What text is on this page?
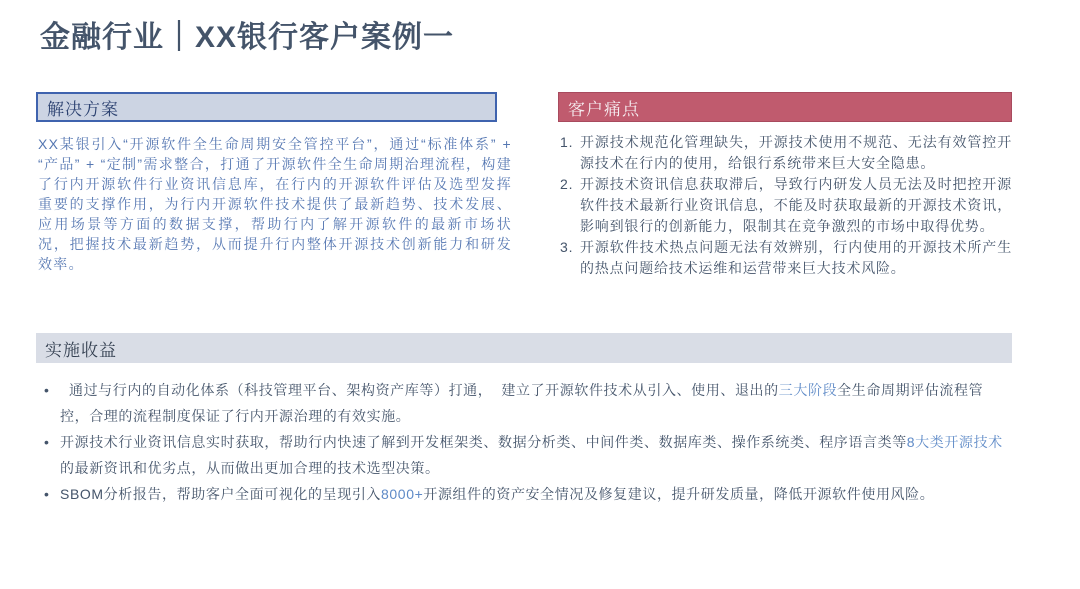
金融行业｜XX银行客户案例一
解决方案

XX某银引入“开源软件全生命周期安全管控平台”，通过“标准体系” + “产品” + “定制”需求整合，打通了开源软件全生命周期治理流程，构建了行内开源软件行业资讯信息库，在行内的开源软件评估及选型发挥重要的支撑作用，为行内开源软件技术提供了最新趋势、技术发展、应用场景等方面的数据支撑，帮助行内了解开源软件的最新市场状况，把握技术最新趋势，从而提升行内整体开源技术创新能力和研发效率。

客户痛点
1. 开源技术规范化管理缺失，开源技术使用不规范、无法有效管控开源技术在行内的使用，给银行系统带来巨大安全隐患。
2. 开源技术资讯信息获取滞后，导致行内研发人员无法及时把控开源软件技术最新行业资讯信息，不能及时获取最新的开源技术资讯，影响到银行的创新能力，限制其在竞争激烈的市场中取得优势。
3. 开源软件技术热点问题无法有效辨别，行内使用的开源技术所产生的热点问题给技术运维和运营带来巨大技术风险。
实施收益
•   通过与行内的自动化体系（科技管理平台、架构资产库等）打通，  建立了开源软件技术从引入、使用、退出的三大阶段全生命周期评估流程管控，合理的流程制度保证了行内开源治理的有效实施。
• 开源技术行业资讯信息实时获取，帮助行内快速了解到开发框架类、数据分析类、中间件类、数据库类、操作系统类、程序语言类等8大类开源技术的最新资讯和优劣点，从而做出更加合理的技术选型决策。
• SBOM分析报告，帮助客户全面可视化的呈现引入8000+开源组件的资产安全情况及修复建议，提升研发质量，降低开源软件使用风险。
